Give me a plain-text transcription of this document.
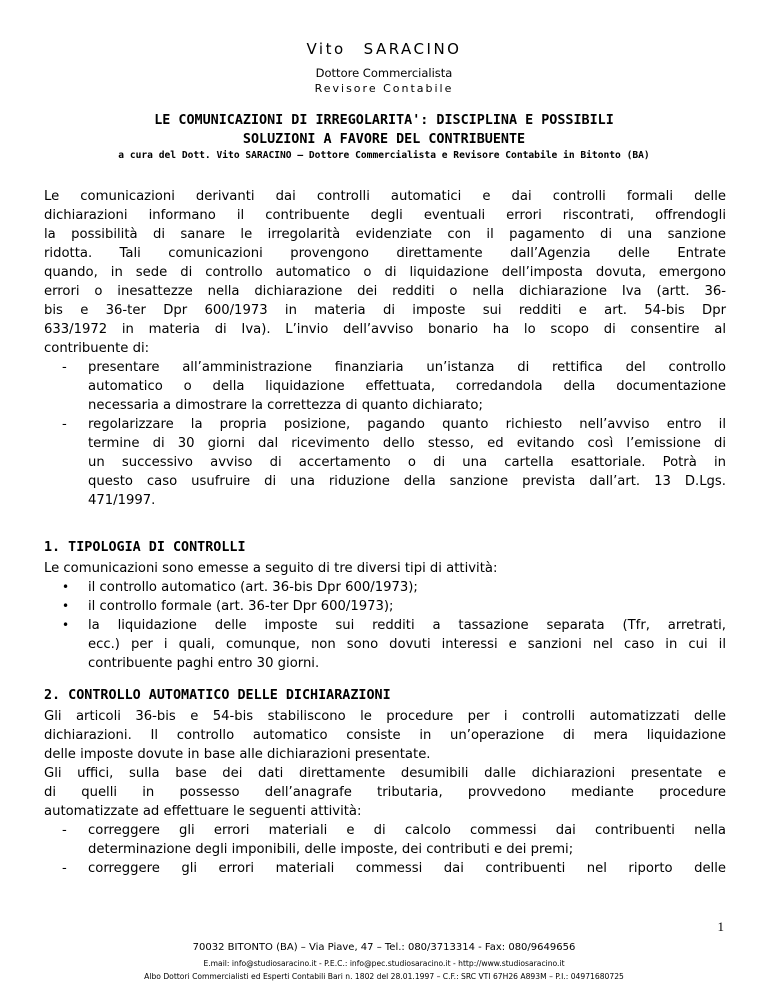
Vito SARACINO
Dottore Commercialista
Revisore Contabile
LE COMUNICAZIONI DI IRREGOLARITA': DISCIPLINA E POSSIBILI
SOLUZIONI A FAVORE DEL CONTRIBUENTE
a cura del Dott. Vito SARACINO – Dottore Commercialista e Revisore Contabile in Bitonto (BA)
Le comunicazioni derivanti dai controlli automatici e dai controlli formali delle
dichiarazioni informano il contribuente degli eventuali errori riscontrati, offrendogli
la possibilità di sanare le irregolarità evidenziate con il pagamento di una sanzione
ridotta. Tali comunicazioni provengono direttamente dall’Agenzia delle Entrate
quando, in sede di controllo automatico o di liquidazione dell’imposta dovuta, emergono
errori o inesattezze nella dichiarazione dei redditi o nella dichiarazione Iva (artt. 36-
bis e 36-ter Dpr 600/1973 in materia di imposte sui redditi e art. 54-bis Dpr
633/1972 in materia di Iva). L’invio dell’avviso bonario ha lo scopo di consentire al
contribuente di:
- presentare all’amministrazione finanziaria un’istanza di rettifica del controllo
automatico o della liquidazione effettuata, corredandola della documentazione
necessaria a dimostrare la correttezza di quanto dichiarato;
- regolarizzare la propria posizione, pagando quanto richiesto nell’avviso entro il
termine di 30 giorni dal ricevimento dello stesso, ed evitando così l’emissione di
un successivo avviso di accertamento o di una cartella esattoriale. Potrà in
questo caso usufruire di una riduzione della sanzione prevista dall’art. 13 D.Lgs.
471/1997.
1. TIPOLOGIA DI CONTROLLI
Le comunicazioni sono emesse a seguito di tre diversi tipi di attività:
• il controllo automatico (art. 36-bis Dpr 600/1973);
• il controllo formale (art. 36-ter Dpr 600/1973);
• la liquidazione delle imposte sui redditi a tassazione separata (Tfr, arretrati,
ecc.) per i quali, comunque, non sono dovuti interessi e sanzioni nel caso in cui il
contribuente paghi entro 30 giorni.
2. CONTROLLO AUTOMATICO DELLE DICHIARAZIONI
Gli articoli 36-bis e 54-bis stabiliscono le procedure per i controlli automatizzati delle
dichiarazioni. Il controllo automatico consiste in un’operazione di mera liquidazione
delle imposte dovute in base alle dichiarazioni presentate.
Gli uffici, sulla base dei dati direttamente desumibili dalle dichiarazioni presentate e
di quelli in possesso dell’anagrafe tributaria, provvedono mediante procedure
automatizzate ad effettuare le seguenti attività:
- correggere gli errori materiali e di calcolo commessi dai contribuenti nella
determinazione degli imponibili, delle imposte, dei contributi e dei premi;
- correggere gli errori materiali commessi dai contribuenti nel riporto delle
1
70032 BITONTO (BA) – Via Piave, 47 – Tel.: 080/3713314 - Fax: 080/9649656
E.mail: info@studiosaracino.it - P.E.C.: info@pec.studiosaracino.it - http://www.studiosaracino.it
Albo Dottori Commercialisti ed Esperti Contabili Bari n. 1802 del 28.01.1997 – C.F.: SRC VTI 67H26 A893M – P.I.: 04971680725
